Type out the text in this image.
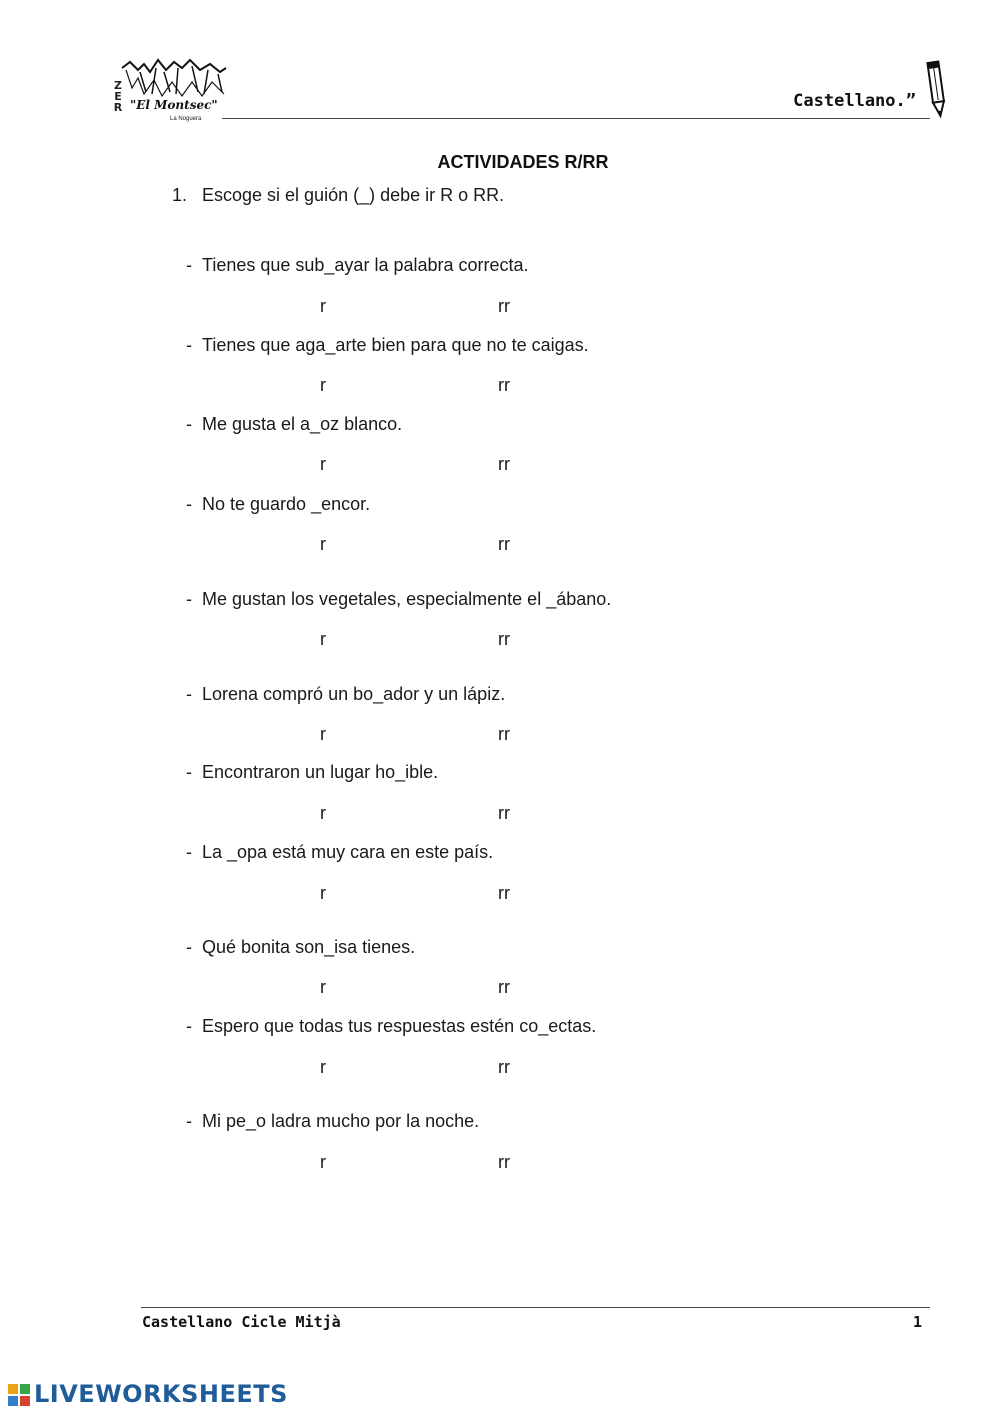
Z
E
R "El Montsec"
La Noguera
Castellano.”
ACTIVIDADES R/RR
1. Escoge si el guión (_) debe ir R o RR.
- Tienes que sub_ayar la palabra correcta.
r	rr
- Tienes que aga_arte bien para que no te caigas.
r	rr
- Me gusta el a_oz blanco.
r	rr
- No te guardo _encor.
r	rr
- Me gustan los vegetales, especialmente el _ábano.
r	rr
- Lorena compró un bo_ador y un lápiz.
r	rr
- Encontraron un lugar ho_ible.
r	rr
- La _opa está muy cara en este país.
r	rr
- Qué bonita son_isa tienes.
r	rr
- Espero que todas tus respuestas estén co_ectas.
r	rr
- Mi pe_o ladra mucho por la noche.
r	rr
Castellano Cicle Mitjà	1
LIVEWORKSHEETS
